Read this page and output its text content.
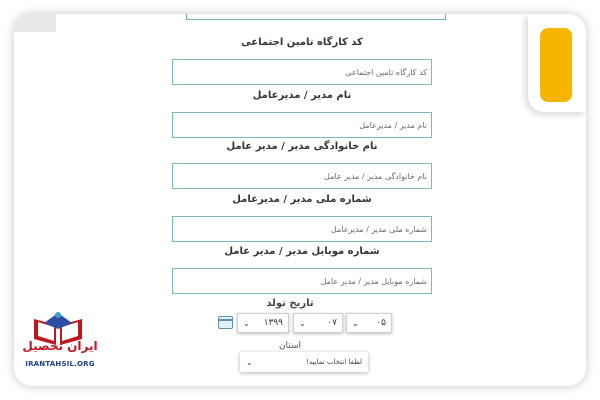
کد کارگاه تامین اجتماعی
کد کارگاه تامین اجتماعی
نام مدیر / مدیرعامل
نام مدیر / مدیرعامل
نام خانوادگی مدیر / مدیر عامل
نام خانوادگی مدیر / مدیر عامل
شماره ملی مدیر / مدیرعامل
شماره ملی مدیر / مدیرعامل
شماره موبایل مدیر / مدیر عامل
شماره موبایل مدیر / مدیر عامل
تاریخ تولد
⌄ ۱۳۹۹ ⌄ ۰۷ ⌄ ۰۵
استان
لطفا انتخاب نمایید!
⌄
ایران تحصیل
IRANTAHSIL.ORG
